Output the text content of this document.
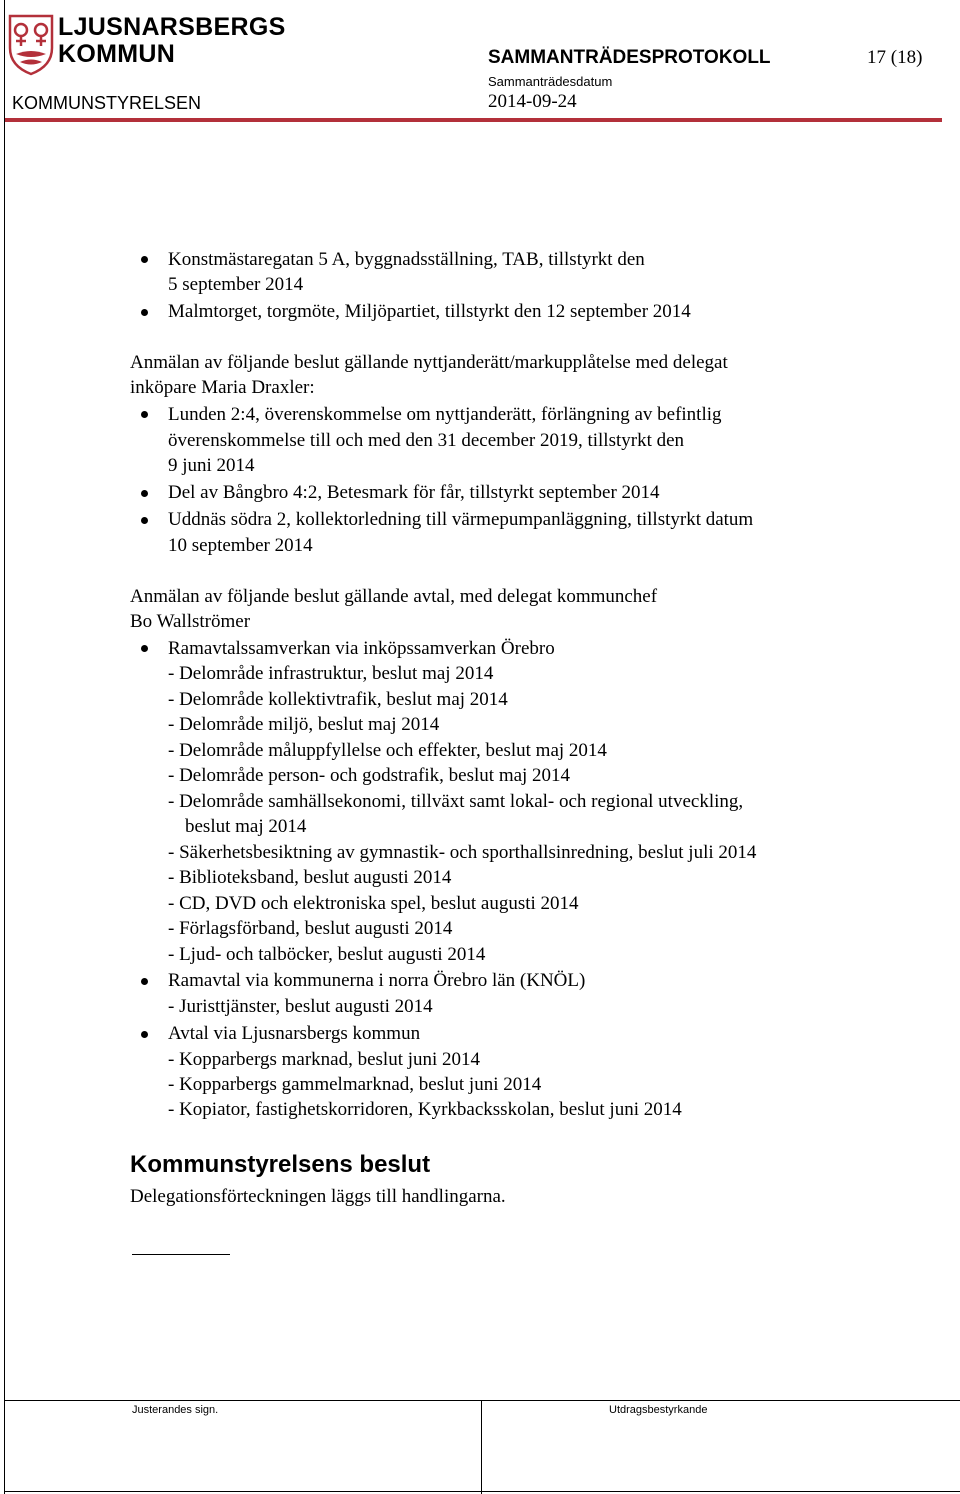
LJUSNARSBERGS
KOMMUN	SAMMANTRÄDESPROTOKOLL	17 (18)
Sammanträdesdatum
KOMMUNSTYRELSEN	2014-09-24
Konstmästaregatan 5 A, byggnadsställning, TAB, tillstyrkt den
5 september 2014
Malmtorget, torgmöte, Miljöpartiet, tillstyrkt den 12 september 2014
Anmälan av följande beslut gällande nyttjanderätt/markupplåtelse med delegat
inköpare Maria Draxler:
Lunden 2:4, överenskommelse om nyttjanderätt, förlängning av befintlig
överenskommelse till och med den 31 december 2019, tillstyrkt den
9 juni 2014
Del av Bångbro 4:2, Betesmark för får, tillstyrkt september 2014
Uddnäs södra 2, kollektorledning till värmepumpanläggning, tillstyrkt datum
10 september 2014
Anmälan av följande beslut gällande avtal, med delegat kommunchef
Bo Wallströmer
Ramavtalssamverkan via inköpssamverkan Örebro
- Delområde infrastruktur, beslut maj 2014
- Delområde kollektivtrafik, beslut maj 2014
- Delområde miljö, beslut maj 2014
- Delområde måluppfyllelse och effekter, beslut maj 2014
- Delområde person- och godstrafik, beslut maj 2014
- Delområde samhällsekonomi, tillväxt samt lokal- och regional utveckling,
beslut maj 2014
- Säkerhetsbesiktning av gymnastik- och sporthallsinredning, beslut juli 2014
- Biblioteksband, beslut augusti 2014
- CD, DVD och elektroniska spel, beslut augusti 2014
- Förlagsförband, beslut augusti 2014
- Ljud- och talböcker, beslut augusti 2014
Ramavtal via kommunerna i norra Örebro län (KNÖL)
- Juristtjänster, beslut augusti 2014
Avtal via Ljusnarsbergs kommun
- Kopparbergs marknad, beslut juni 2014
- Kopparbergs gammelmarknad, beslut juni 2014
- Kopiator, fastighetskorridoren, Kyrkbacksskolan, beslut juni 2014
Kommunstyrelsens beslut
Delegationsförteckningen läggs till handlingarna.
Justerandes sign.	Utdragsbestyrkande
